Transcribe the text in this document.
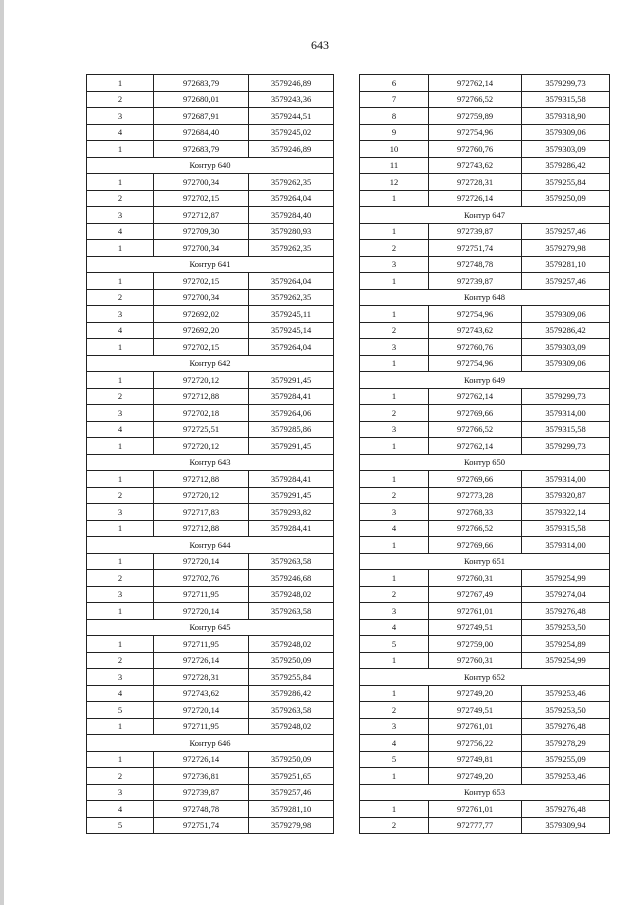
643
1	972683,79	3579246,89
2	972680,01	3579243,36
3	972687,91	3579244,51
4	972684,40	3579245,02
1	972683,79	3579246,89
Контур 640		
1	972700,34	3579262,35
2	972702,15	3579264,04
3	972712,87	3579284,40
4	972709,30	3579280,93
1	972700,34	3579262,35
Контур 641		
1	972702,15	3579264,04
2	972700,34	3579262,35
3	972692,02	3579245,11
4	972692,20	3579245,14
1	972702,15	3579264,04
Контур 642		
1	972720,12	3579291,45
2	972712,88	3579284,41
3	972702,18	3579264,06
4	972725,51	3579285,86
1	972720,12	3579291,45
Контур 643		
1	972712,88	3579284,41
2	972720,12	3579291,45
3	972717,83	3579293,82
1	972712,88	3579284,41
Контур 644		
1	972720,14	3579263,58
2	972702,76	3579246,68
3	972711,95	3579248,02
1	972720,14	3579263,58
Контур 645		
1	972711,95	3579248,02
2	972726,14	3579250,09
3	972728,31	3579255,84
4	972743,62	3579286,42
5	972720,14	3579263,58
1	972711,95	3579248,02
Контур 646		
1	972726,14	3579250,09
2	972736,81	3579251,65
3	972739,87	3579257,46
4	972748,78	3579281,10
5	972751,74	3579279,98
6	972762,14	3579299,73
7	972766,52	3579315,58
8	972759,89	3579318,90
9	972754,96	3579309,06
10	972760,76	3579303,09
11	972743,62	3579286,42
12	972728,31	3579255,84
1	972726,14	3579250,09
Контур 647		
1	972739,87	3579257,46
2	972751,74	3579279,98
3	972748,78	3579281,10
1	972739,87	3579257,46
Контур 648		
1	972754,96	3579309,06
2	972743,62	3579286,42
3	972760,76	3579303,09
1	972754,96	3579309,06
Контур 649		
1	972762,14	3579299,73
2	972769,66	3579314,00
3	972766,52	3579315,58
1	972762,14	3579299,73
Контур 650		
1	972769,66	3579314,00
2	972773,28	3579320,87
3	972768,33	3579322,14
4	972766,52	3579315,58
1	972769,66	3579314,00
Контур 651		
1	972760,31	3579254,99
2	972767,49	3579274,04
3	972761,01	3579276,48
4	972749,51	3579253,50
5	972759,00	3579254,89
1	972760,31	3579254,99
Контур 652		
1	972749,20	3579253,46
2	972749,51	3579253,50
3	972761,01	3579276,48
4	972756,22	3579278,29
5	972749,81	3579255,09
1	972749,20	3579253,46
Контур 653		
1	972761,01	3579276,48
2	972777,77	3579309,94
